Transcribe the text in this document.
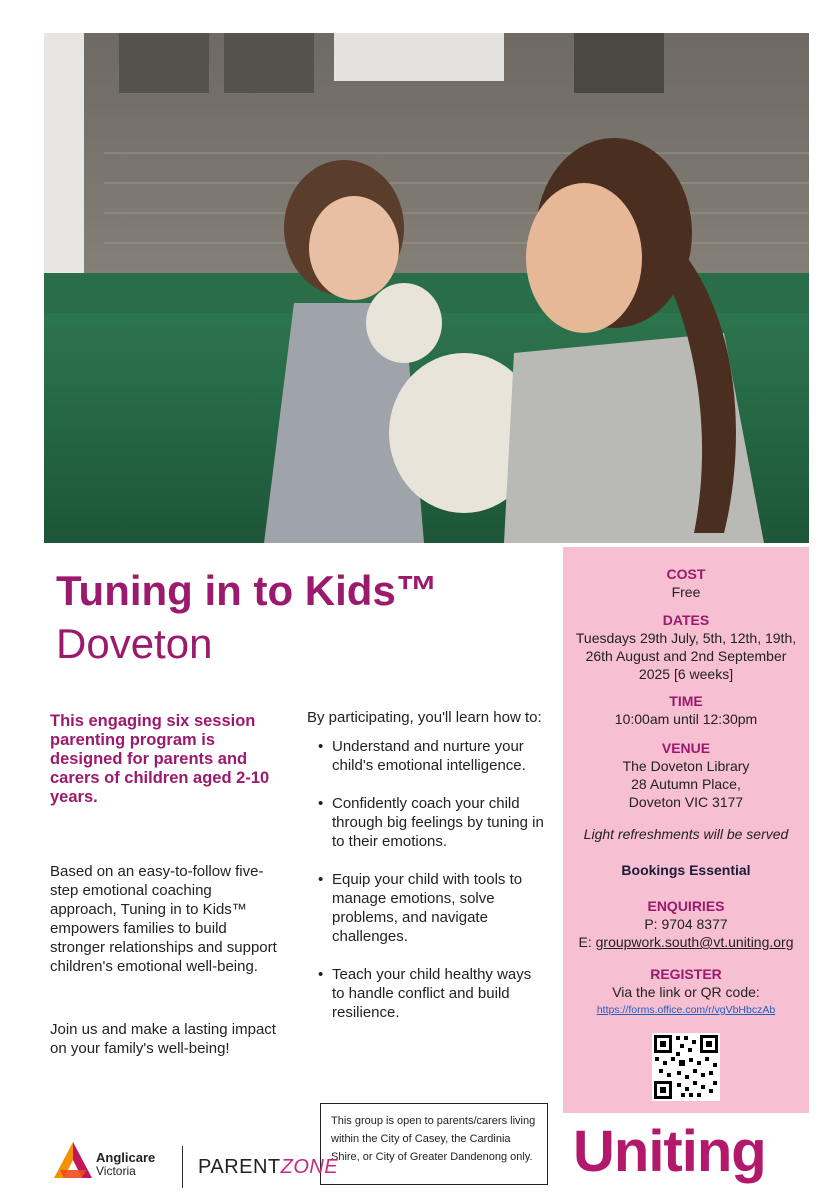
Tuning in to Kids™
Doveton
This engaging six session parenting program is designed for parents and carers of children aged 2-10 years.
Based on an easy-to-follow five-step emotional coaching approach, Tuning in to Kids™ empowers families to build stronger relationships and support children's emotional well-being.
Join us and make a lasting impact on your family's well-being!
By participating, you'll learn how to:
• Understand and nurture your child's emotional intelligence.
• Confidently coach your child through big feelings by tuning in to their emotions.
• Equip your child with tools to manage emotions, solve problems, and navigate challenges.
• Teach your child healthy ways to handle conflict and build resilience.
COST
Free
DATES
Tuesdays 29th July, 5th, 12th, 19th,
26th August and 2nd September
2025 [6 weeks]
TIME
10:00am until 12:30pm
VENUE
The Doveton Library
28 Autumn Place,
Doveton VIC 3177
Light refreshments will be served
Bookings Essential
ENQUIRIES
P: 9704 8377
E: groupwork.south@vt.uniting.org
REGISTER
Via the link or QR code:
https://forms.office.com/r/vgVbHbczAb
This group is open to parents/carers living within the City of Casey, the Cardinia Shire, or City of Greater Dandenong only. Uniting
Anglicare
Victoria	PARENTZONE
